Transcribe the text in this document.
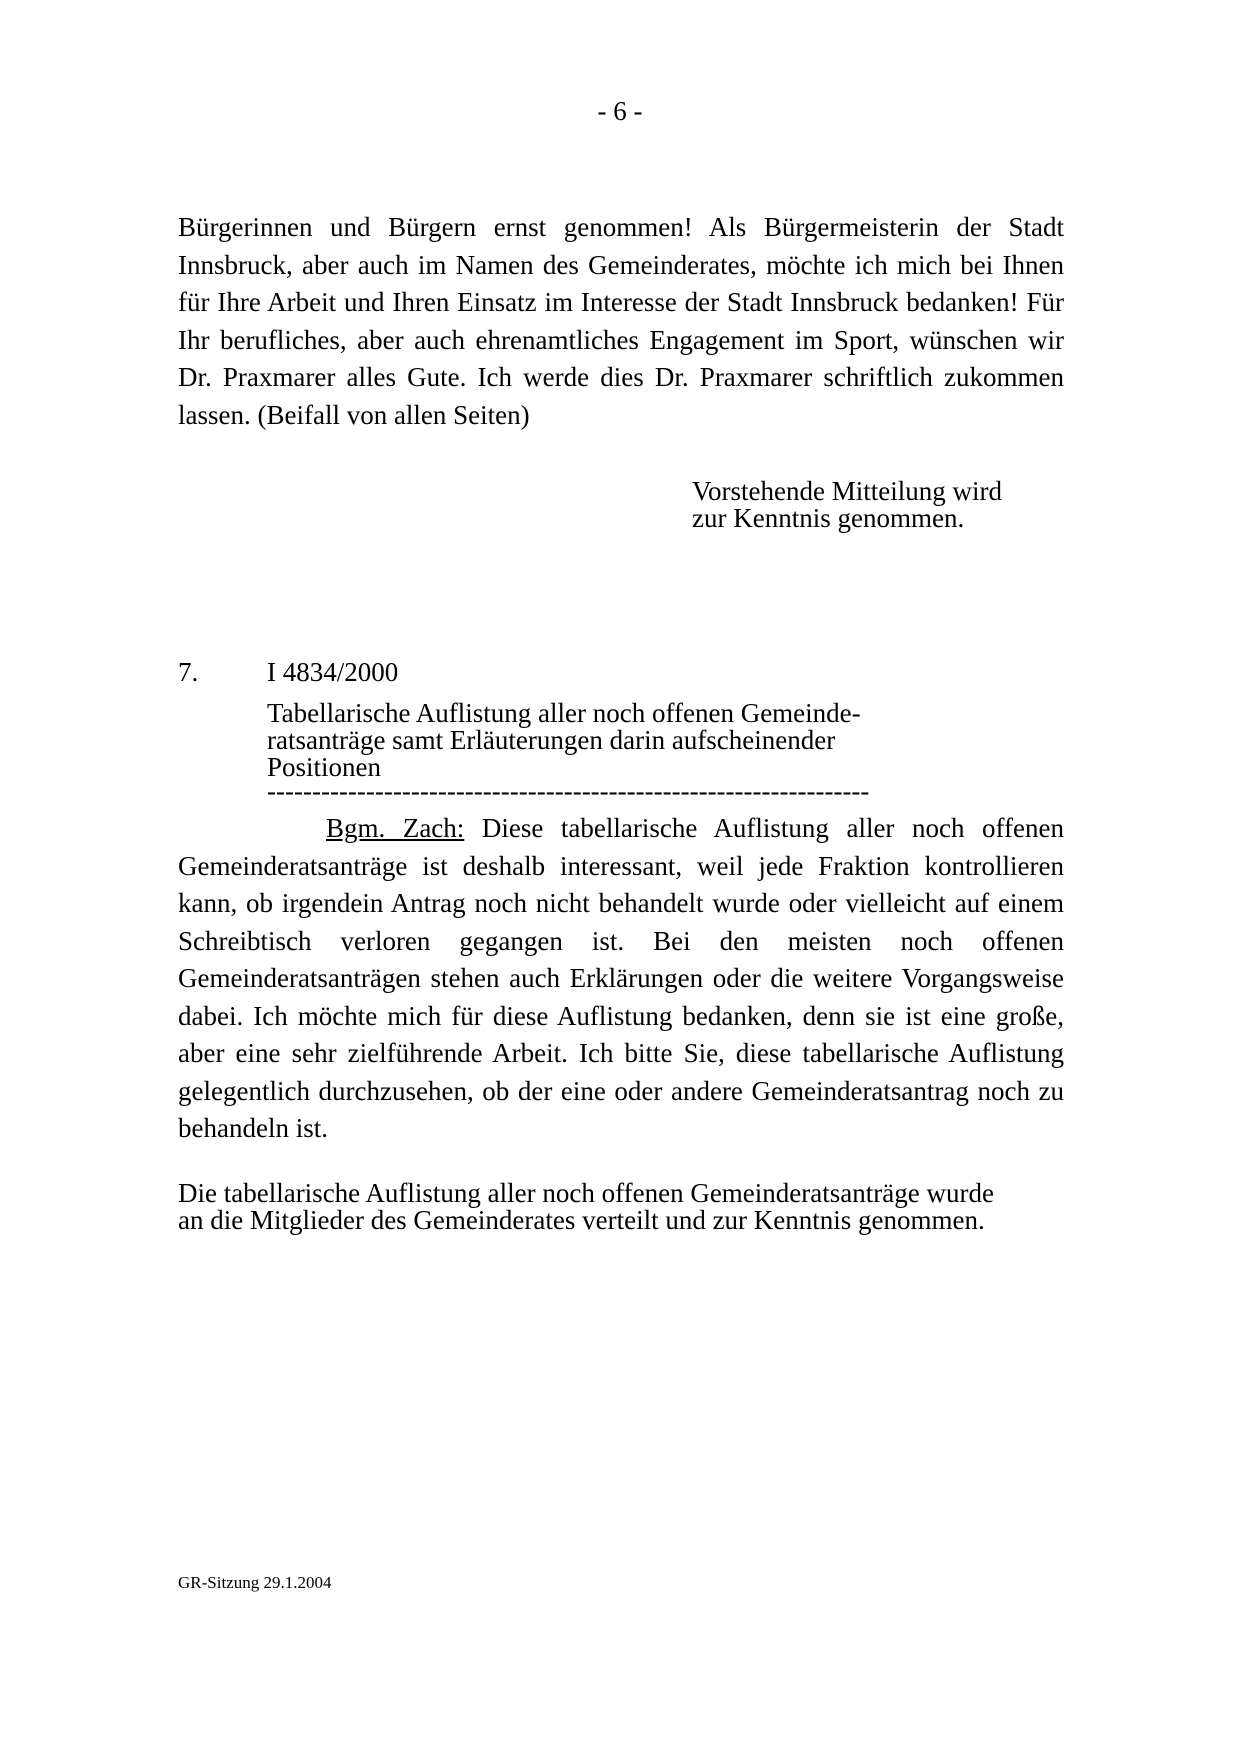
- 6 -

Bürgerinnen und Bürgern ernst genommen! Als Bürgermeisterin der Stadt Innsbruck, aber auch im Namen des Gemeinderates, möchte ich mich bei Ihnen für Ihre Arbeit und Ihren Einsatz im Interesse der Stadt Innsbruck bedanken! Für Ihr berufliches, aber auch ehrenamtliches Engagement im Sport, wünschen wir Dr. Praxmarer alles Gute. Ich werde dies Dr. Praxmarer schriftlich zukommen lassen. (Beifall von allen Seiten)

Vorstehende Mitteilung wird
zur Kenntnis genommen.
7.	I 4834/2000
Tabellarische Auflistung aller noch offenen Gemeinde-
ratsanträge samt Erläuterungen darin aufscheinender
Positionen
-------------------------------------------------------------------

Bgm. Zach: Diese tabellarische Auflistung aller noch offenen Gemeinderatsanträge ist deshalb interessant, weil jede Fraktion kontrollieren kann, ob irgendein Antrag noch nicht behandelt wurde oder vielleicht auf einem Schreibtisch verloren gegangen ist. Bei den meisten noch offenen Gemeinderatsanträgen stehen auch Erklärungen oder die weitere Vorgangsweise dabei. Ich möchte mich für diese Auflistung bedanken, denn sie ist eine große, aber eine sehr zielführende Arbeit. Ich bitte Sie, diese tabellarische Auflistung gelegentlich durchzusehen, ob der eine oder andere Gemeinderatsantrag noch zu behandeln ist.

Die tabellarische Auflistung aller noch offenen Gemeinderatsanträge wurde
an die Mitglieder des Gemeinderates verteilt und zur Kenntnis genommen.
GR-Sitzung 29.1.2004
